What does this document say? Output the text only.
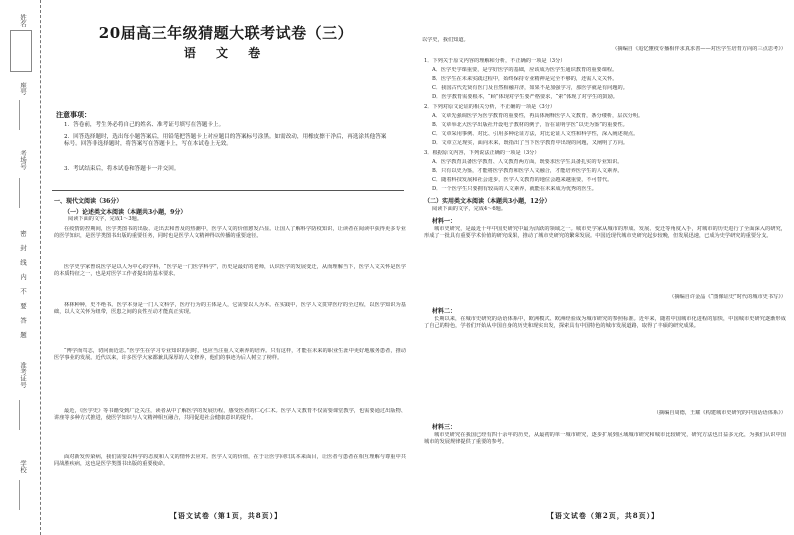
姓名
座号
考场号
密 封 线 内 不 要 答 题
准考证号
学校
20届高三年级猜题大联考试卷（三）
语 文 卷
注意事项：

1．答卷前，考生务必将自己的姓名、准考证号填写在答题卡上。

2．回答选择题时，选出每小题答案后，用铅笔把答题卡上对应题目的答案标号涂黑。如需改动，用橡皮擦干净后，再选涂其他答案标号。回答非选择题时，将答案写在答题卡上，写在本试卷上无效。

3．考试结束后，将本试卷和答题卡一并交回。

一、现代文阅读（36分）
（一）论述类文本阅读（本题共3小题，9分）
阅读下面的文字，完成1～3题。

在疫情防控期间，医学类图书的出版、走出去和普及的热潮中，医学人文的价值愈发凸显。让国人了解科学防疫知识，让读者在阅读中获得更多专业的医学知识，是医学类图书出版的重要任务，同时也是医学人文精神得以传播的重要途径。

医学史学家曾说医学是以人为中心的学科，“医学是一门医学科学”，历史是最好的老师，认识医学的发展变迁，从而理解当下，医学人文关怀是医学的本质特征之一，也是对医学工作者提出的基本要求。

林林种种，史不绝书。医学本身是一门人文科学，医疗行为的主体是人，它需要以人为本。在实践中，医学人文贯穿医疗的全过程，以医学知识为基础，以人文关怀为纽带，医患之间的良性互动才能真正实现。

“博学而笃志，切问而近思。”医学生在学习专业知识的同时，也应当注重人文素养的培养。只有这样，才能在未来的职业生涯中更好地服务患者，推动医学事业的发展。近代以来，许多医学大家都兼具深厚的人文修养，他们的事迹为后人树立了榜样。

最近，《医学史》等书籍受到广泛关注，读者从中了解医学的发展历程，感受医者的仁心仁术。医学人文教育不仅需要课堂教学，也需要通过出版物、讲座等多种方式推进，使医学知识与人文精神相互融合，共同促进社会健康意识的提升。

面对新发传染病，我们需要以科学的态度和人文的情怀去应对。医学人文的价值，在于让医学回归其本来面目，让医者与患者在相互理解与尊重中共同战胜疾病，这也是医学类图书出版的重要使命。

【语文试卷（第1页，共8页）】

以学史，我们知道。

（摘编自《追忆懂疫专播相伴求真求善——对医学生培育方向的三点思考》）

1．下列关于原文内容的理解和分析，不正确的一项是（3分）

A．医学史学课重要，是学好医学的基础，应该成为医学生通识教育的重要课程。

B．医学生在未来实践过程中，始终保持专业精神是完全不够的，还需人文关怀。

C．我国古代先贤有医门及自然相融并济，如果不是加强学习，那医学就是有问题的。

D．医学教育需要根本，“顾”体现对学生要严格要求，“索”体现了对学生的鼓励。

2．下列对原文论证的相关分析，不正确的一项是（3分）

A．文章先强调医学为医学教育的重要性，再具体阐释医学人文教育，条分缕析，层次分明。

B．文章举北大医学出版社开设电子教材的例子，旨在证明学医“以史为鉴”的重要性。

C．文章采用事例、对比、引用多种论证方法，对比论证人文性和科学性，深入阐述观点。

D．文章立足现实，面向未来，既指出了当下医学教育中出现的问题，又阐明了方向。

3．根据原文内容，下列说法正确的一项是（3分）

A．医学教育具备医学教育、人文教育两方面，既要求医学生具备扎实的专业知识。

B．只有以史为鉴，才能将医学教育和医学人文融合，才能培养医学生的人文素养。

C．随着科技发展和社会进步，医学人文教育的地位会越来越重要，不可替代。

D．一个医学生只要拥有较高的人文素养，就能在未来成为优秀的医生。

（二）实用类文本阅读（本题共3小题，12分）
阅读下面的文字，完成4～6题。
材料一：

城市史研究，是最近十年中国史研究中最为活跃的领域之一。城市史学家从城市的形成、发展、变迁等角度入手，对城市的历史进行了全面深入的研究，形成了一批具有重要学术价值的研究成果，推动了城市史研究的繁荣发展。中国近现代城市史研究起步较晚，但发展迅速，已成为史学研究的重要分支。

（摘编自许金晶《“图像证史”时代的城市史书写》）

材料二：

长期以来，在城市史研究的话语体系中，欧洲模式、欧洲经验成为城市研究的参照标准。近年来，随着中国城市化进程的加快，中国城市史研究逐渐形成了自己的特色，学者们开始从中国自身的历史和现实出发，探索具有中国特色的城市发展道路，取得了丰硕的研究成果。

（摘编自周德，王耀《构建城市史研究的中国话语体系》）

材料三：

城市史研究在我国已经有四十余年的历史，从最初的单一城市研究，逐步扩展到区域城市研究和城市比较研究，研究方法也日益多元化，为我们认识中国城市的发展规律提供了重要的参考。

【语文试卷（第2页，共8页）】
